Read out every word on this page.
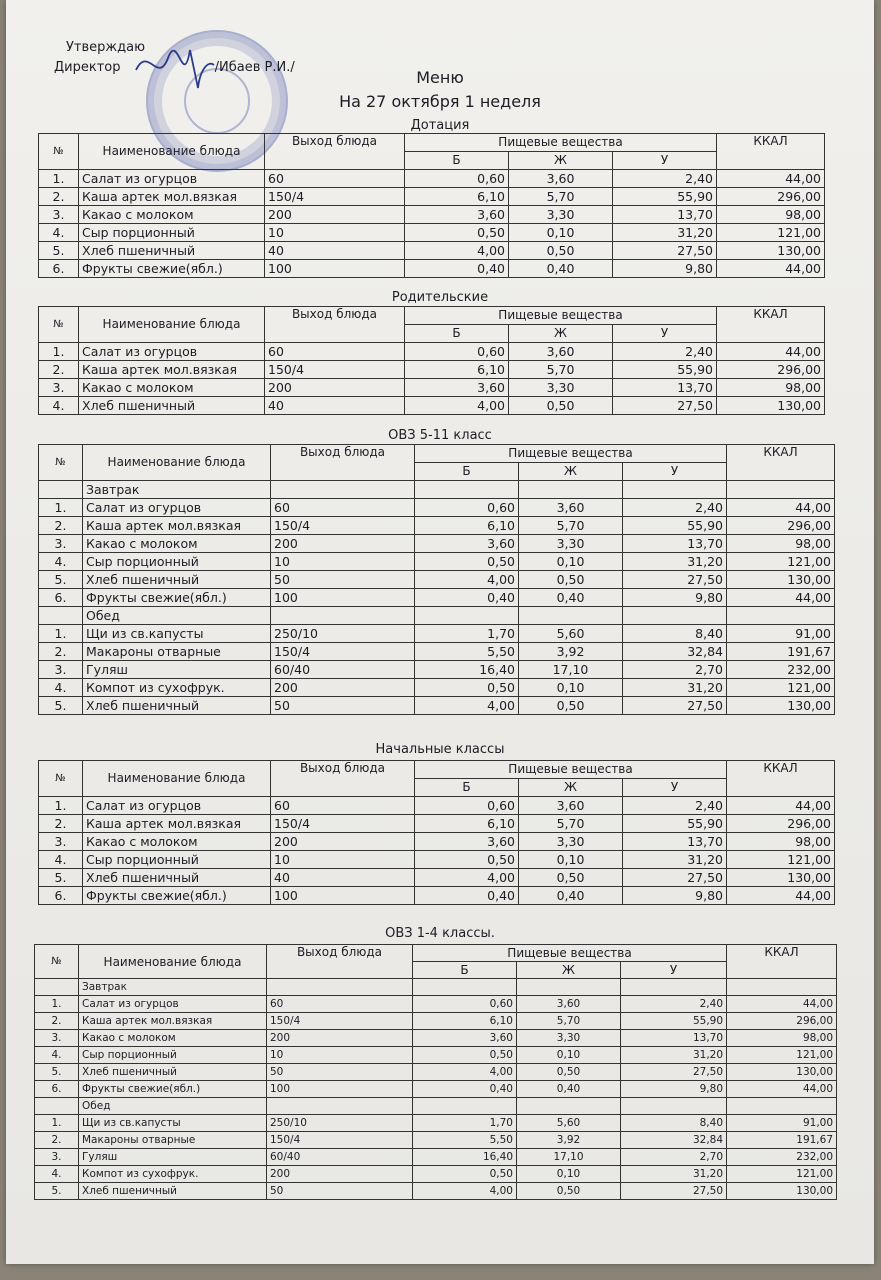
Утверждаю
Директор	/Ибаев Р.И./
Меню
На 27 октября 1 неделя
Дотация
Родительские
ОВЗ 5-11 класс
Начальные классы
ОВЗ 1-4 классы.
№	Наименование блюда	Выход блюда	Пищевые вещества			ККАЛ
			Б	Ж	У	
1.	Салат из огурцов	60	0,60	3,60	2,40	44,00
2.	Каша артек мол.вязкая	150/4	6,10	5,70	55,90	296,00
3.	Какао с молоком	200	3,60	3,30	13,70	98,00
4.	Сыр порционный	10	0,50	0,10	31,20	121,00
5.	Хлеб пшеничный	40	4,00	0,50	27,50	130,00
6.	Фрукты свежие(ябл.)	100	0,40	0,40	9,80	44,00
№	Наименование блюда	Выход блюда	Пищевые вещества			ККАЛ
			Б	Ж	У	
1.	Салат из огурцов	60	0,60	3,60	2,40	44,00
2.	Каша артек мол.вязкая	150/4	6,10	5,70	55,90	296,00
3.	Какао с молоком	200	3,60	3,30	13,70	98,00
4.	Хлеб пшеничный	40	4,00	0,50	27,50	130,00
№	Наименование блюда	Выход блюда	Пищевые вещества			ККАЛ
			Б	Ж	У	
	Завтрак					
1.	Салат из огурцов	60	0,60	3,60	2,40	44,00
2.	Каша артек мол.вязкая	150/4	6,10	5,70	55,90	296,00
3.	Какао с молоком	200	3,60	3,30	13,70	98,00
4.	Сыр порционный	10	0,50	0,10	31,20	121,00
5.	Хлеб пшеничный	50	4,00	0,50	27,50	130,00
6.	Фрукты свежие(ябл.)	100	0,40	0,40	9,80	44,00
	Обед					
1.	Щи из св.капусты	250/10	1,70	5,60	8,40	91,00
2.	Макароны отварные	150/4	5,50	3,92	32,84	191,67
3.	Гуляш	60/40	16,40	17,10	2,70	232,00
4.	Компот из сухофрук.	200	0,50	0,10	31,20	121,00
5.	Хлеб пшеничный	50	4,00	0,50	27,50	130,00
№	Наименование блюда	Выход блюда	Пищевые вещества			ККАЛ
			Б	Ж	У	
1.	Салат из огурцов	60	0,60	3,60	2,40	44,00
2.	Каша артек мол.вязкая	150/4	6,10	5,70	55,90	296,00
3.	Какао с молоком	200	3,60	3,30	13,70	98,00
4.	Сыр порционный	10	0,50	0,10	31,20	121,00
5.	Хлеб пшеничный	40	4,00	0,50	27,50	130,00
6.	Фрукты свежие(ябл.)	100	0,40	0,40	9,80	44,00
№	Наименование блюда	Выход блюда	Пищевые вещества			ККАЛ
			Б	Ж	У	
	Завтрак					
1.	Салат из огурцов	60	0,60	3,60	2,40	44,00
2.	Каша артек мол.вязкая	150/4	6,10	5,70	55,90	296,00
3.	Какао с молоком	200	3,60	3,30	13,70	98,00
4.	Сыр порционный	10	0,50	0,10	31,20	121,00
5.	Хлеб пшеничный	50	4,00	0,50	27,50	130,00
6.	Фрукты свежие(ябл.)	100	0,40	0,40	9,80	44,00
	Обед					
1.	Щи из св.капусты	250/10	1,70	5,60	8,40	91,00
2.	Макароны отварные	150/4	5,50	3,92	32,84	191,67
3.	Гуляш	60/40	16,40	17,10	2,70	232,00
4.	Компот из сухофрук.	200	0,50	0,10	31,20	121,00
5.	Хлеб пшеничный	50	4,00	0,50	27,50	130,00
